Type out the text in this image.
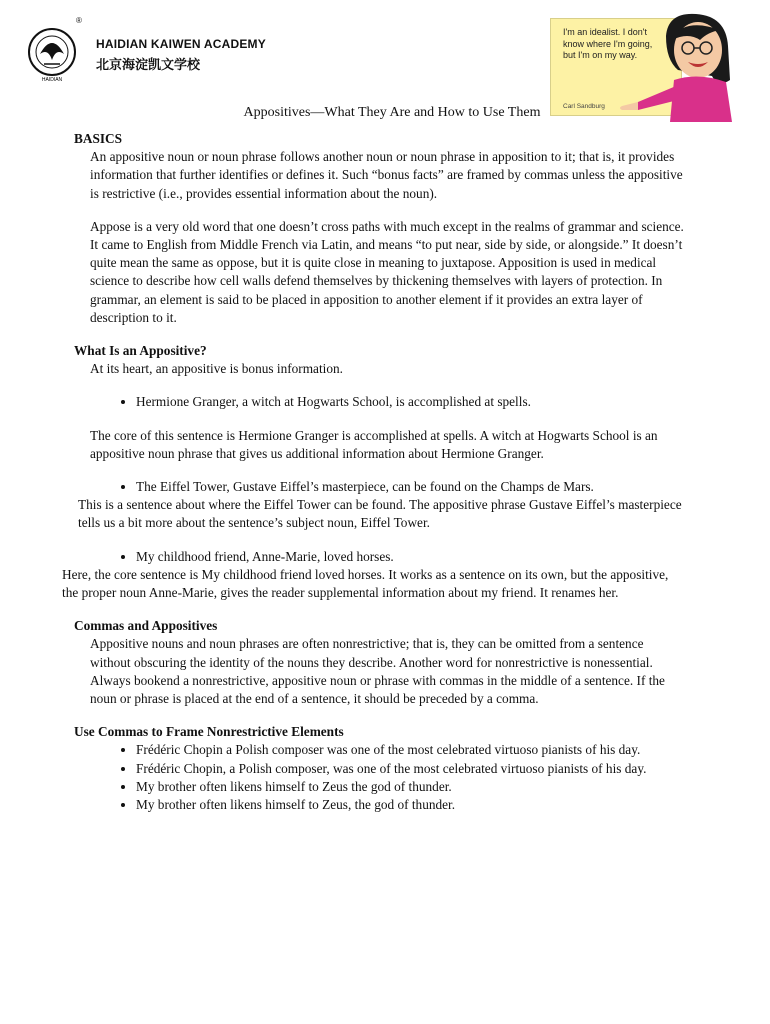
HAIDIAN
®
HAIDIAN KAIWEN ACADEMY
北京海淀凯文学校
I'm an idealist. I don't know where I'm going, but I'm on my way.
Carl Sandburg
Appositives—What They Are and How to Use Them

BASICS

An appositive noun or noun phrase follows another noun or noun phrase in apposition to it; that is, it provides information that further identifies or defines it. Such “bonus facts” are framed by commas unless the appositive is restrictive (i.e., provides essential information about the noun).

Appose is a very old word that one doesn’t cross paths with much except in the realms of grammar and science. It came to English from Middle French via Latin, and means “to put near, side by side, or alongside.” It doesn’t quite mean the same as oppose, but it is quite close in meaning to juxtapose. Apposition is used in medical science to describe how cell walls defend themselves by thickening themselves with layers of protection. In grammar, an element is said to be placed in apposition to another element if it provides an extra layer of description to it.

What Is an Appositive?

At its heart, an appositive is bonus information.

• Hermione Granger, a witch at Hogwarts School, is accomplished at spells.

The core of this sentence is Hermione Granger is accomplished at spells. A witch at Hogwarts School is an appositive noun phrase that gives us additional information about Hermione Granger.

• The Eiffel Tower, Gustave Eiffel’s masterpiece, can be found on the Champs de Mars.

This is a sentence about where the Eiffel Tower can be found. The appositive phrase Gustave Eiffel’s masterpiece tells us a bit more about the sentence’s subject noun, Eiffel Tower.

• My childhood friend, Anne-Marie, loved horses.

Here, the core sentence is My childhood friend loved horses. It works as a sentence on its own, but the appositive, the proper noun Anne-Marie, gives the reader supplemental information about my friend. It renames her.

Commas and Appositives

Appositive nouns and noun phrases are often nonrestrictive; that is, they can be omitted from a sentence without obscuring the identity of the nouns they describe. Another word for nonrestrictive is nonessential. Always bookend a nonrestrictive, appositive noun or phrase with commas in the middle of a sentence. If the noun or phrase is placed at the end of a sentence, it should be preceded by a comma.

Use Commas to Frame Nonrestrictive Elements

• Frédéric Chopin a Polish composer was one of the most celebrated virtuoso pianists of his day.
• Frédéric Chopin, a Polish composer, was one of the most celebrated virtuoso pianists of his day.
• My brother often likens himself to Zeus the god of thunder.
• My brother often likens himself to Zeus, the god of thunder.
